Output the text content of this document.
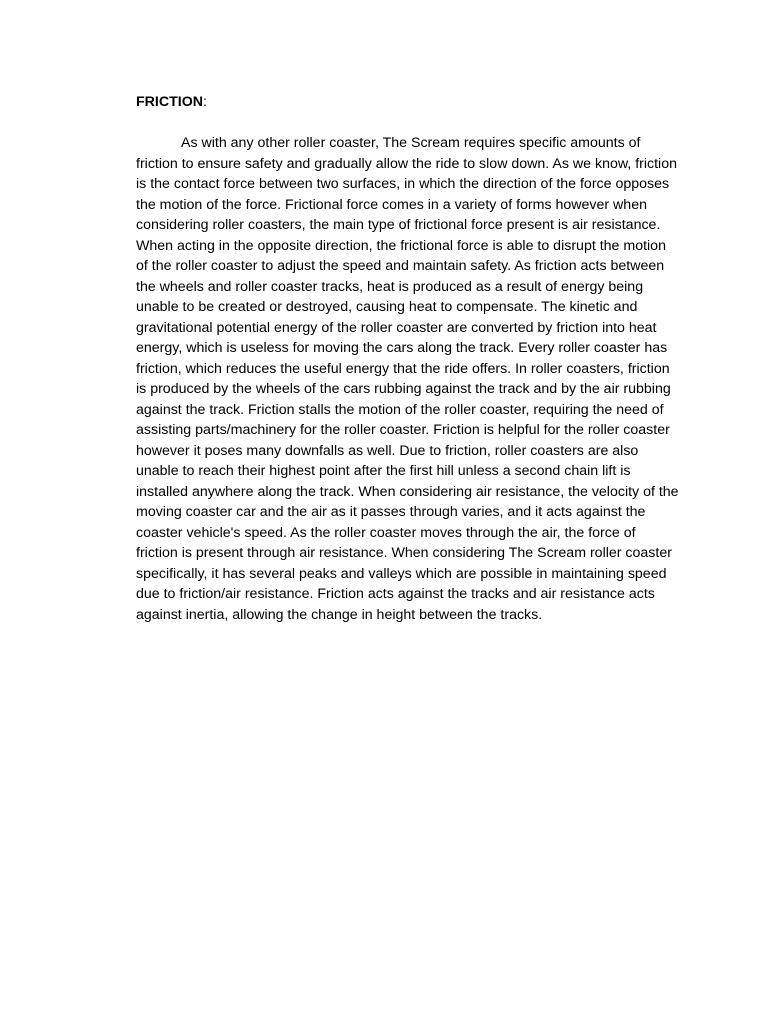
FRICTION:

As with any other roller coaster, The Scream requires specific amounts of friction to ensure safety and gradually allow the ride to slow down. As we know, friction is the contact force between two surfaces, in which the direction of the force opposes the motion of the force. Frictional force comes in a variety of forms however when considering roller coasters, the main type of frictional force present is air resistance. When acting in the opposite direction, the frictional force is able to disrupt the motion of the roller coaster to adjust the speed and maintain safety. As friction acts between the wheels and roller coaster tracks, heat is produced as a result of energy being unable to be created or destroyed, causing heat to compensate. The kinetic and gravitational potential energy of the roller coaster are converted by friction into heat energy, which is useless for moving the cars along the track. Every roller coaster has friction, which reduces the useful energy that the ride offers. In roller coasters, friction is produced by the wheels of the cars rubbing against the track and by the air rubbing against the track. Friction stalls the motion of the roller coaster, requiring the need of assisting parts/machinery for the roller coaster. Friction is helpful for the roller coaster however it poses many downfalls as well. Due to friction, roller coasters are also unable to reach their highest point after the first hill unless a second chain lift is installed anywhere along the track. When considering air resistance, the velocity of the moving coaster car and the air as it passes through varies, and it acts against the coaster vehicle's speed. As the roller coaster moves through the air, the force of friction is present through air resistance. When considering The Scream roller coaster specifically, it has several peaks and valleys which are possible in maintaining speed due to friction/air resistance. Friction acts against the tracks and air resistance acts against inertia, allowing the change in height between the tracks.
